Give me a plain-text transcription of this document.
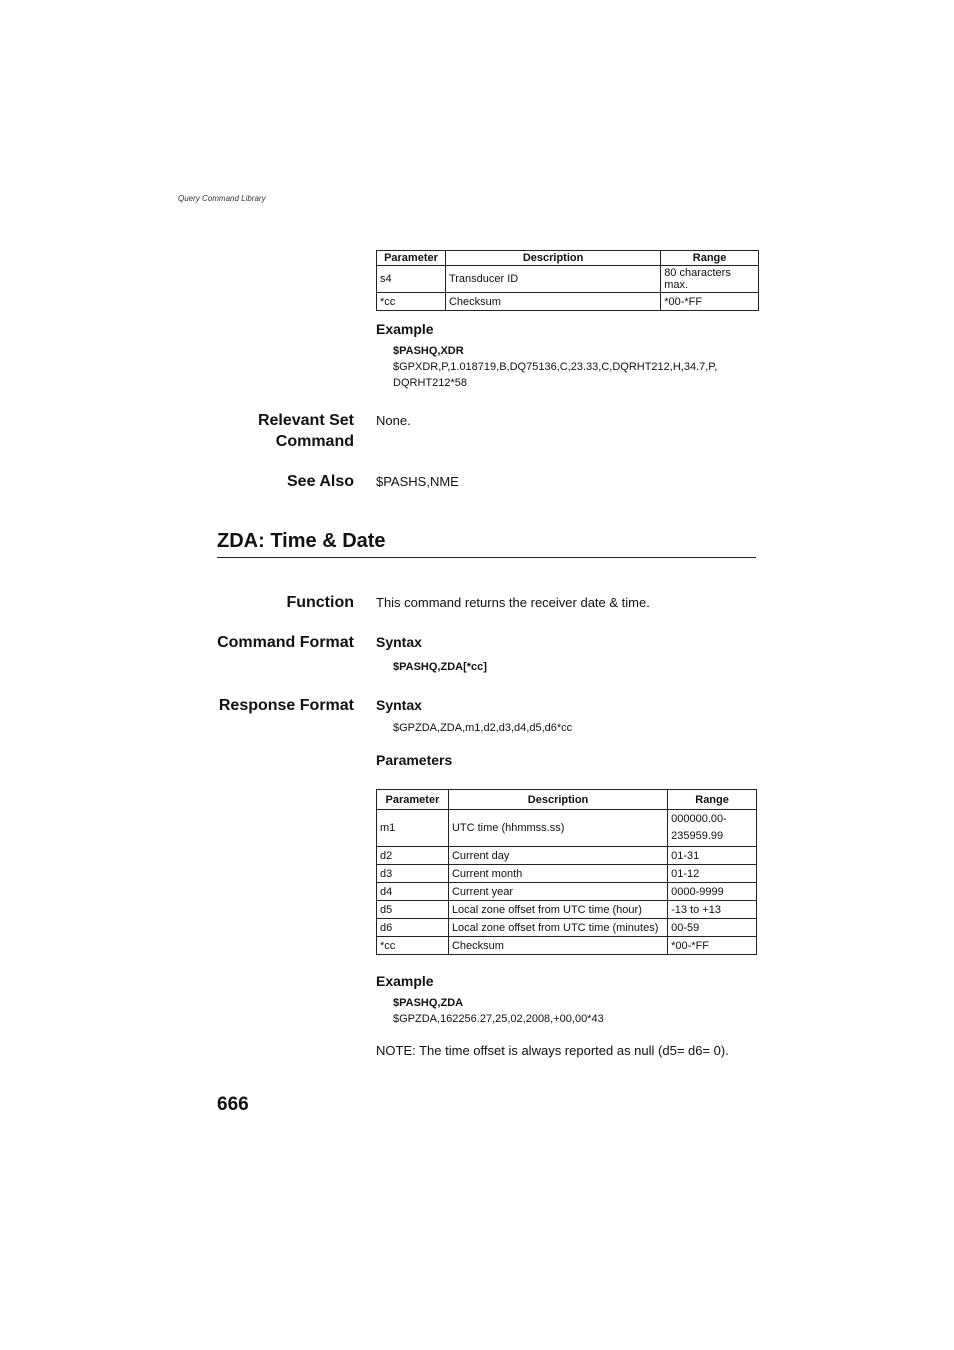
Query Command Library
Parameter	Description	Range
s4	Transducer ID	80 characters max.
*cc	Checksum	*00-*FF
Example
$PASHQ,XDR
$GPXDR,P,1.018719,B,DQ75136,C,23.33,C,DQRHT212,H,34.7,P,
DQRHT212*58
Relevant Set
Command
None.
See Also $PASHS,NME
ZDA: Time & Date
Function This command returns the receiver date & time.
Command Format Syntax
$PASHQ,ZDA[*cc]
Response Format Syntax
$GPZDA,ZDA,m1,d2,d3,d4,d5,d6*cc
Parameters
Parameter	Description	Range
m1	UTC time (hhmmss.ss)	000000.00-
235959.99
d2	Current day	01-31
d3	Current month	01-12
d4	Current year	0000-9999
d5	Local zone offset from UTC time (hour)	-13 to +13
d6	Local zone offset from UTC time (minutes)	00-59
*cc	Checksum	*00-*FF
Example
$PASHQ,ZDA
$GPZDA,162256.27,25,02,2008,+00,00*43
NOTE: The time offset is always reported as null (d5= d6= 0).
666
